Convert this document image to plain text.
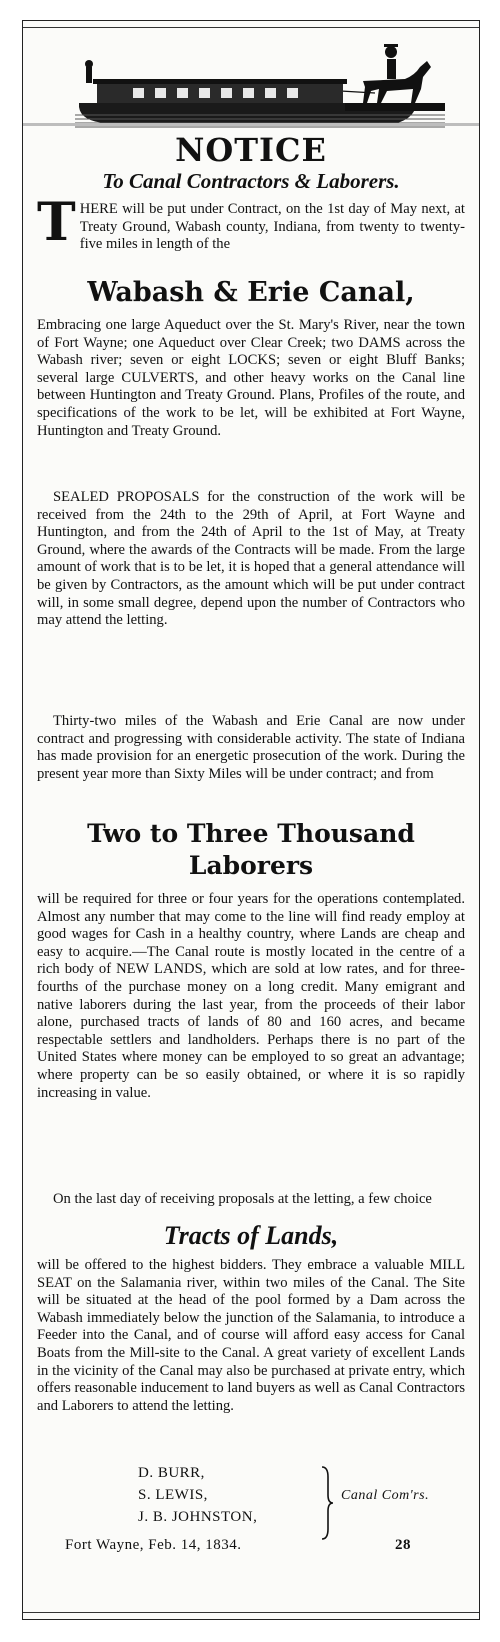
NOTICE
To Canal Contractors & Laborers.

THERE will be put under Contract, on the 1st day of May next, at Treaty Ground, Wabash county, Indiana, from twenty to twenty-five miles in length of the

Wabash & Erie Canal,

Embracing one large Aqueduct over the St. Mary's River, near the town of Fort Wayne; one Aqueduct over Clear Creek; two DAMS across the Wabash river; seven or eight LOCKS; seven or eight Bluff Banks; several large CULVERTS, and other heavy works on the Canal line between Huntington and Treaty Ground. Plans, Profiles of the route, and specifications of the work to be let, will be exhibited at Fort Wayne, Huntington and Treaty Ground.

SEALED PROPOSALS for the construction of the work will be received from the 24th to the 29th of April, at Fort Wayne and Huntington, and from the 24th of April to the 1st of May, at Treaty Ground, where the awards of the Contracts will be made. From the large amount of work that is to be let, it is hoped that a general attendance will be given by Contractors, as the amount which will be put under contract will, in some small degree, depend upon the number of Contractors who may attend the letting.

Thirty-two miles of the Wabash and Erie Canal are now under contract and progressing with considerable activity. The state of Indiana has made provision for an energetic prosecution of the work. During the present year more than Sixty Miles will be under contract; and from

Two to Three Thousand
Laborers

will be required for three or four years for the operations contemplated. Almost any number that may come to the line will find ready employ at good wages for Cash in a healthy country, where Lands are cheap and easy to acquire.—The Canal route is mostly located in the centre of a rich body of NEW LANDS, which are sold at low rates, and for three-fourths of the purchase money on a long credit. Many emigrant and native laborers during the last year, from the proceeds of their labor alone, purchased tracts of lands of 80 and 160 acres, and became respectable settlers and landholders. Perhaps there is no part of the United States where money can be employed to so great an advantage; where property can be so easily obtained, or where it is so rapidly increasing in value.

On the last day of receiving proposals at the letting, a few choice

Tracts of Lands,

will be offered to the highest bidders. They embrace a valuable MILL SEAT on the Salamania river, within two miles of the Canal. The Site will be situated at the head of the pool formed by a Dam across the Wabash immediately below the junction of the Salamania, to introduce a Feeder into the Canal, and of course will afford easy access for Canal Boats from the Mill-site to the Canal. A great variety of excellent Lands in the vicinity of the Canal may also be purchased at private entry, which offers reasonable inducement to land buyers as well as Canal Contractors and Laborers to attend the letting.

D. BURR,
S. LEWIS,
J. B. JOHNSTON,
Canal Com'rs.
Fort Wayne, Feb. 14, 1834.	28
